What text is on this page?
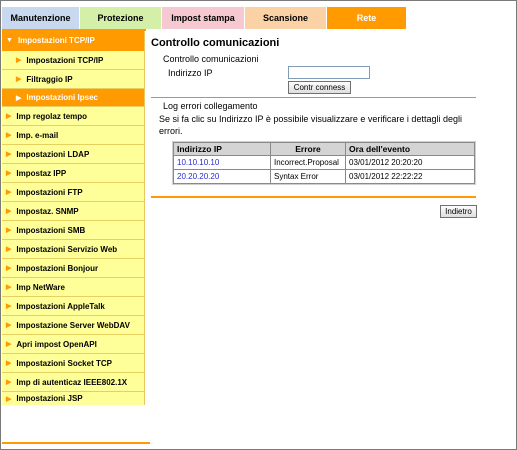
Manutenzione	Protezione	Impost stampa	Scansione	Rete
▼ Impostazioni TCP/IP
▶ Impostazioni TCP/IP
▶ Filtraggio IP
▶ Impostazioni Ipsec
▶ Imp regolaz tempo
▶ Imp. e-mail
▶ Impostazioni LDAP
▶ Impostaz IPP
▶ Impostazioni FTP
▶ Impostaz. SNMP
▶ Impostazioni SMB
▶ Impostazioni Servizio Web
▶ Impostazioni Bonjour
▶ Imp NetWare
▶ Impostazioni AppleTalk
▶ Impostazione Server WebDAV
▶ Apri impost OpenAPI
▶ Impostazioni Socket TCP
▶ Imp di autenticaz IEEE802.1X
▶ Impostazioni JSP
Controllo comunicazioni
Controllo comunicazioni
Indirizzo IP
Contr conness
Log errori collegamento
Se si fa clic su Indirizzo IP è possibile visualizzare e verificare i dettagli degli errori.
Indirizzo IP	Errore	Ora dell'evento
10.10.10.10	Incorrect.Proposal	03/01/2012 20:20:20
20.20.20.20	Syntax Error	03/01/2012 22:22:22
Indietro
